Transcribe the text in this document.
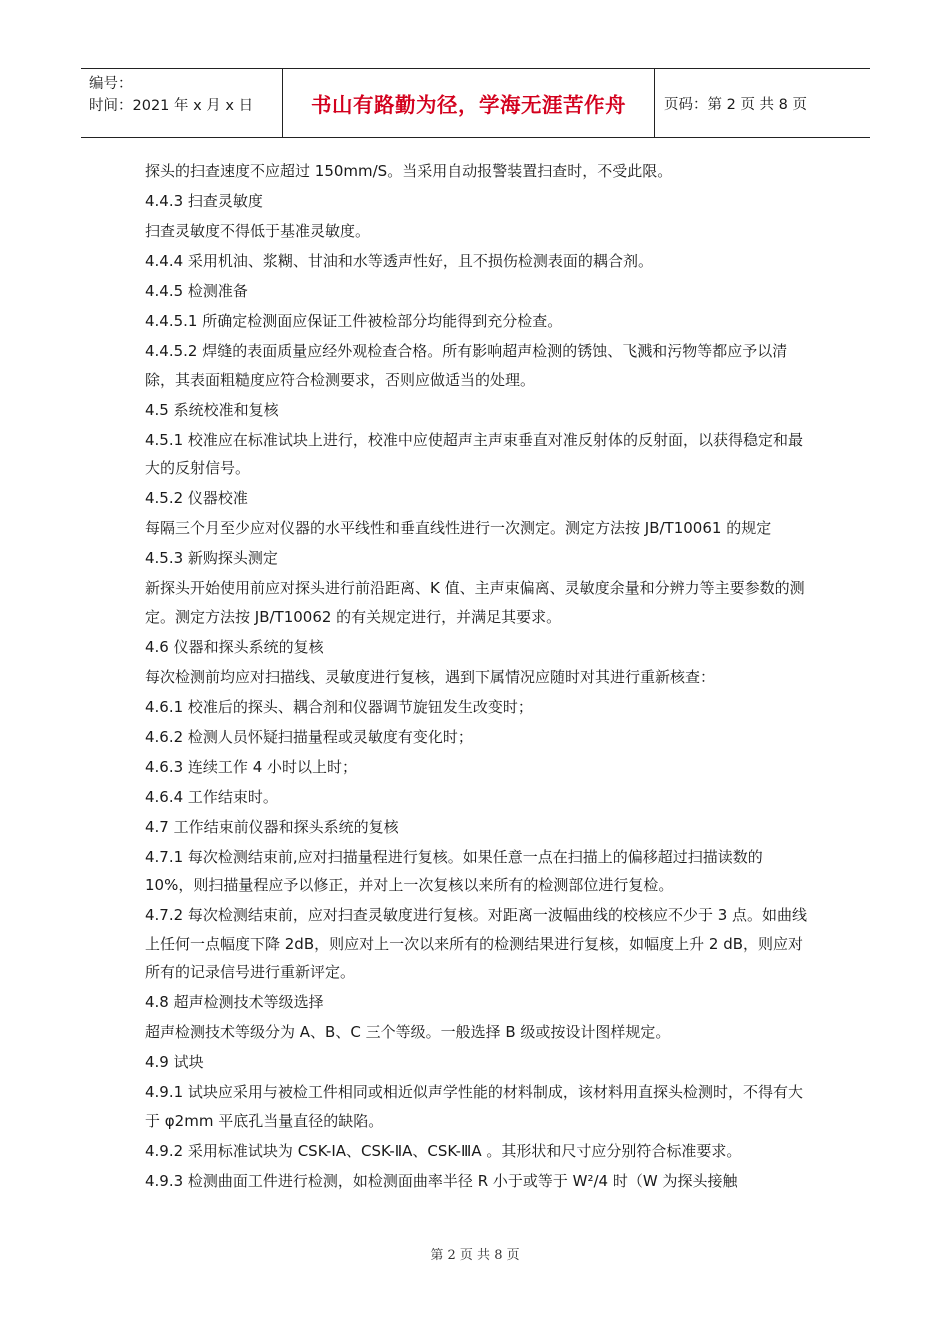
编号：
时间：2021 年 x 月 x 日	书山有路勤为径，学海无涯苦作舟	页码：第 2 页 共 8 页

探头的扫查速度不应超过 150mm/S。当采用自动报警装置扫查时，不受此限。

4.4.3 扫查灵敏度

扫查灵敏度不得低于基准灵敏度。

4.4.4 采用机油、浆糊、甘油和水等透声性好，且不损伤检测表面的耦合剂。

4.4.5 检测准备

4.4.5.1 所确定检测面应保证工件被检部分均能得到充分检查。

4.4.5.2 焊缝的表面质量应经外观检查合格。所有影响超声检测的锈蚀、飞溅和污物等都应予以清除，其表面粗糙度应符合检测要求，否则应做适当的处理。

4.5 系统校准和复核

4.5.1 校准应在标准试块上进行，校准中应使超声主声束垂直对准反射体的反射面，以获得稳定和最大的反射信号。

4.5.2 仪器校准

每隔三个月至少应对仪器的水平线性和垂直线性进行一次测定。测定方法按 JB/T10061 的规定

4.5.3 新购探头测定

新探头开始使用前应对探头进行前沿距离、K 值、主声束偏离、灵敏度余量和分辨力等主要参数的测定。测定方法按 JB/T10062 的有关规定进行，并满足其要求。

4.6 仪器和探头系统的复核

每次检测前均应对扫描线、灵敏度进行复核，遇到下属情况应随时对其进行重新核查：

4.6.1 校准后的探头、耦合剂和仪器调节旋钮发生改变时；

4.6.2 检测人员怀疑扫描量程或灵敏度有变化时；

4.6.3 连续工作 4 小时以上时；

4.6.4 工作结束时。

4.7 工作结束前仪器和探头系统的复核

4.7.1 每次检测结束前,应对扫描量程进行复核。如果任意一点在扫描上的偏移超过扫描读数的 10%，则扫描量程应予以修正，并对上一次复核以来所有的检测部位进行复检。

4.7.2 每次检测结束前，应对扫查灵敏度进行复核。对距离一波幅曲线的校核应不少于 3 点。如曲线上任何一点幅度下降 2dB，则应对上一次以来所有的检测结果进行复核，如幅度上升 2 dB，则应对所有的记录信号进行重新评定。

4.8 超声检测技术等级选择

超声检测技术等级分为 A、B、C 三个等级。一般选择 B 级或按设计图样规定。

4.9 试块

4.9.1 试块应采用与被检工件相同或相近似声学性能的材料制成，该材料用直探头检测时，不得有大于 φ2mm 平底孔当量直径的缺陷。

4.9.2 采用标准试块为 CSK-ⅠA、CSK-ⅡA、CSK-ⅢA 。其形状和尺寸应分别符合标准要求。

4.9.3 检测曲面工件进行检测，如检测面曲率半径 R 小于或等于 W²/4 时（W 为探头接触

第 2 页 共 8 页
